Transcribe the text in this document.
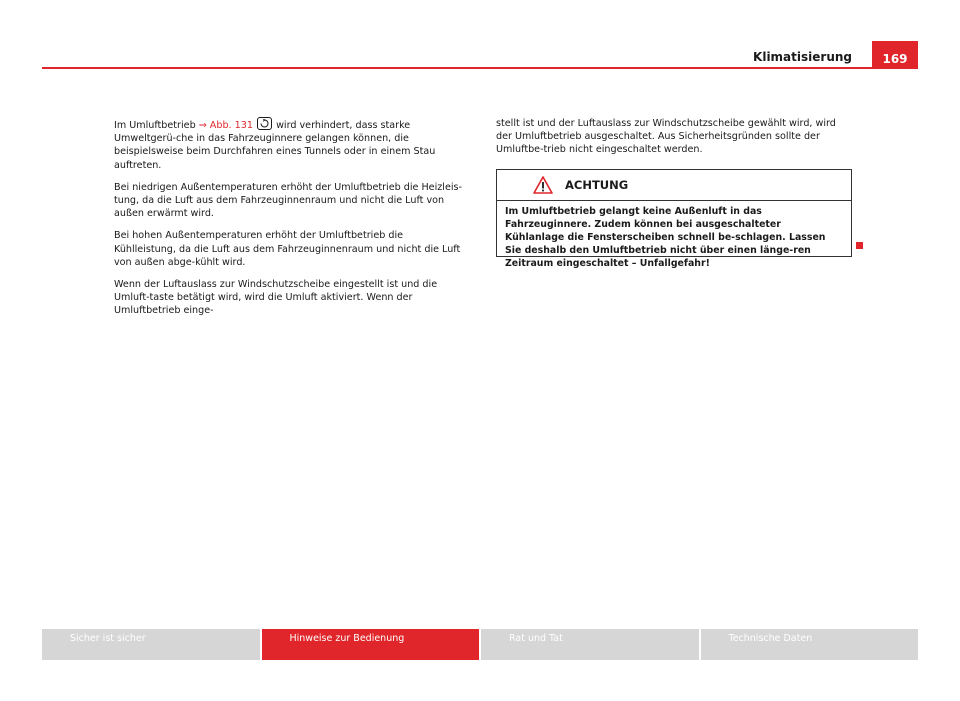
Klimatisierung	169

Im Umluftbetrieb ⇒ Abb. 131
wird verhindert, dass starke Umweltgerü-che in das Fahrzeuginnere gelangen können, die beispielsweise beim Durchfahren eines Tunnels oder in einem Stau auftreten.

Bei niedrigen Außentemperaturen erhöht der Umluftbetrieb die Heizleis-tung, da die Luft aus dem Fahrzeuginnenraum und nicht die Luft von außen erwärmt wird.

Bei hohen Außentemperaturen erhöht der Umluftbetrieb die Kühlleistung, da die Luft aus dem Fahrzeuginnenraum und nicht die Luft von außen abge-kühlt wird.

Wenn der Luftauslass zur Windschutzscheibe eingestellt ist und die Umluft-taste betätigt wird, wird die Umluft aktiviert. Wenn der Umluftbetrieb einge-

stellt ist und der Luftauslass zur Windschutzscheibe gewählt wird, wird der Umluftbetrieb ausgeschaltet. Aus Sicherheitsgründen sollte der Umluftbe-trieb nicht eingeschaltet werden.

ACHTUNG
Im Umluftbetrieb gelangt keine Außenluft in das Fahrzeuginnere. Zudem können bei ausgeschalteter Kühlanlage die Fensterscheiben schnell be-schlagen. Lassen Sie deshalb den Umluftbetrieb nicht über einen länge-ren Zeitraum eingeschaltet – Unfallgefahr!
Sicher ist sicher	Hinweise zur Bedienung	Rat und Tat	Technische Daten
